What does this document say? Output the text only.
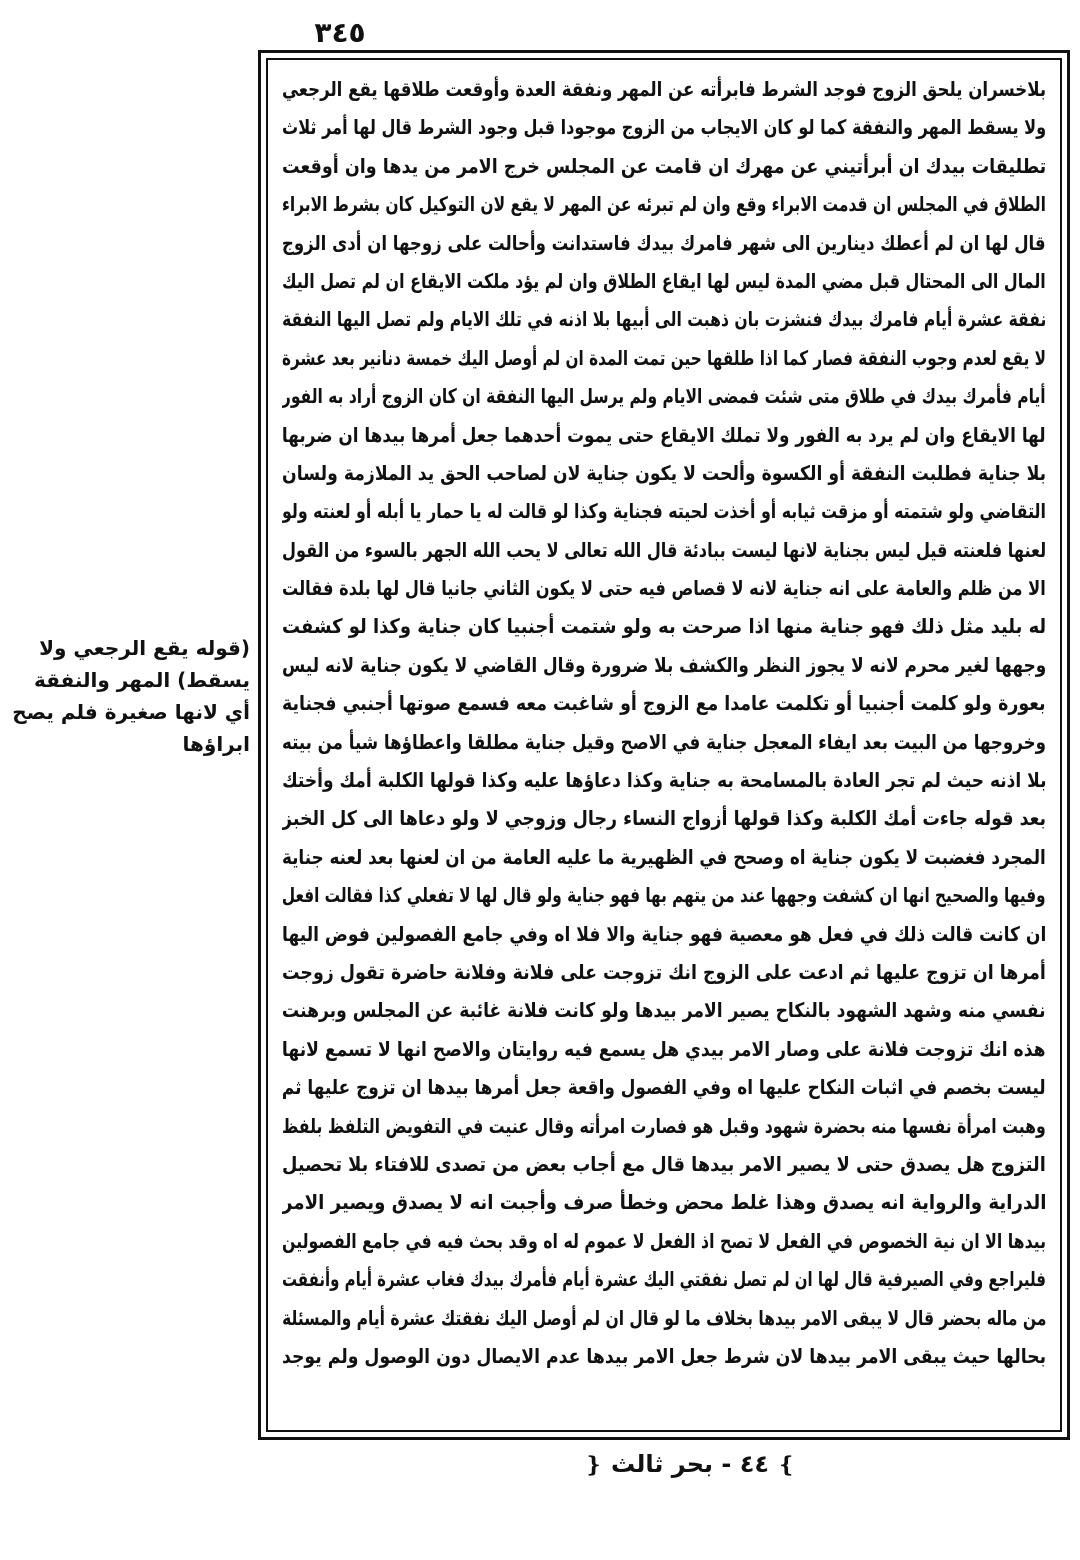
٣٤٥
(قوله يقع الرجعي ولا يسقط) المهر والنفقة أي لانها صغيرة فلم يصح ابراؤها
بلاخسران يلحق الزوج فوجد الشرط فابرأته عن المهر ونفقة العدة وأوقعت طلاقها يقع الرجعي
ولا يسقط المهر والنفقة كما لو كان الايجاب من الزوج موجودا قبل وجود الشرط قال لها أمر ثلاث
تطليقات بيدك ان أبرأتيني عن مهرك ان قامت عن المجلس خرج الامر من يدها وان أوقعت
الطلاق في المجلس ان قدمت الابراء وقع وان لم تبرئه عن المهر لا يقع لان التوكيل كان بشرط الابراء
قال لها ان لم أعطك دينارين الى شهر فامرك بيدك فاستدانت وأحالت على زوجها ان أدى الزوج
المال الى المحتال قبل مضي المدة ليس لها ايقاع الطلاق وان لم يؤد ملكت الايقاع ان لم تصل اليك
نفقة عشرة أيام فامرك بيدك فنشزت بان ذهبت الى أبيها بلا اذنه في تلك الايام ولم تصل اليها النفقة
لا يقع لعدم وجوب النفقة فصار كما اذا طلقها حين تمت المدة ان لم أوصل اليك خمسة دنانير بعد عشرة
أيام فأمرك بيدك في طلاق متى شئت فمضى الايام ولم يرسل اليها النفقة ان كان الزوج أراد به الفور
لها الايقاع وان لم يرد به الفور ولا تملك الايقاع حتى يموت أحدهما جعل أمرها بيدها ان ضربها
بلا جناية فطلبت النفقة أو الكسوة وألحت لا يكون جناية لان لصاحب الحق يد الملازمة ولسان
التقاضي ولو شتمته أو مزقت ثيابه أو أخذت لحيته فجناية وكذا لو قالت له يا حمار يا أبله أو لعنته ولو
لعنها فلعنته قيل ليس بجناية لانها ليست ببادئة قال الله تعالى لا يحب الله الجهر بالسوء من القول
الا من ظلم والعامة على انه جناية لانه لا قصاص فيه حتى لا يكون الثاني جانيا قال لها بلدة فقالت
له بليد مثل ذلك فهو جناية منها اذا صرحت به ولو شتمت أجنبيا كان جناية وكذا لو كشفت
وجهها لغير محرم لانه لا يجوز النظر والكشف بلا ضرورة وقال القاضي لا يكون جناية لانه ليس
بعورة ولو كلمت أجنبيا أو تكلمت عامدا مع الزوج أو شاغبت معه فسمع صوتها أجنبي فجناية
وخروجها من البيت بعد ايفاء المعجل جناية في الاصح وقيل جناية مطلقا واعطاؤها شيأ من بيته
بلا اذنه حيث لم تجر العادة بالمسامحة به جناية وكذا دعاؤها عليه وكذا قولها الكلبة أمك وأختك
بعد قوله جاءت أمك الكلبة وكذا قولها أزواج النساء رجال وزوجي لا ولو دعاها الى كل الخبز
المجرد فغضبت لا يكون جناية اه وصحح في الظهيرية ما عليه العامة من ان لعنها بعد لعنه جناية
وفيها والصحيح انها ان كشفت وجهها عند من يتهم بها فهو جناية ولو قال لها لا تفعلي كذا فقالت افعل
ان كانت قالت ذلك في فعل هو معصية فهو جناية والا فلا اه وفي جامع الفصولين فوض اليها
أمرها ان تزوج عليها ثم ادعت على الزوج انك تزوجت على فلانة وفلانة حاضرة تقول زوجت
نفسي منه وشهد الشهود بالنكاح يصير الامر بيدها ولو كانت فلانة غائبة عن المجلس وبرهنت
هذه انك تزوجت فلانة على وصار الامر بيدي هل يسمع فيه روايتان والاصح انها لا تسمع لانها
ليست بخصم في اثبات النكاح عليها اه وفي الفصول واقعة جعل أمرها بيدها ان تزوج عليها ثم
وهبت امرأة نفسها منه بحضرة شهود وقبل هو فصارت امرأته وقال عنيت في التفويض التلفظ بلفظ
التزوج هل يصدق حتى لا يصير الامر بيدها قال مع أجاب بعض من تصدى للافتاء بلا تحصيل
الدراية والرواية انه يصدق وهذا غلط محض وخطأ صرف وأجبت انه لا يصدق ويصير الامر
بيدها الا ان نية الخصوص في الفعل لا تصح اذ الفعل لا عموم له اه وقد بحث فيه في جامع الفصولين
فليراجع وفي الصيرفية قال لها ان لم تصل نفقتي اليك عشرة أيام فأمرك بيدك فغاب عشرة أيام وأنفقت
من ماله بحضر قال لا يبقى الامر بيدها بخلاف ما لو قال ان لم أوصل اليك نفقتك عشرة أيام والمسئلة
بحالها حيث يبقى الامر بيدها لان شرط جعل الامر بيدها عدم الايصال دون الوصول ولم يوجد
❵ ٤٤ - بحر ثالث ❴
